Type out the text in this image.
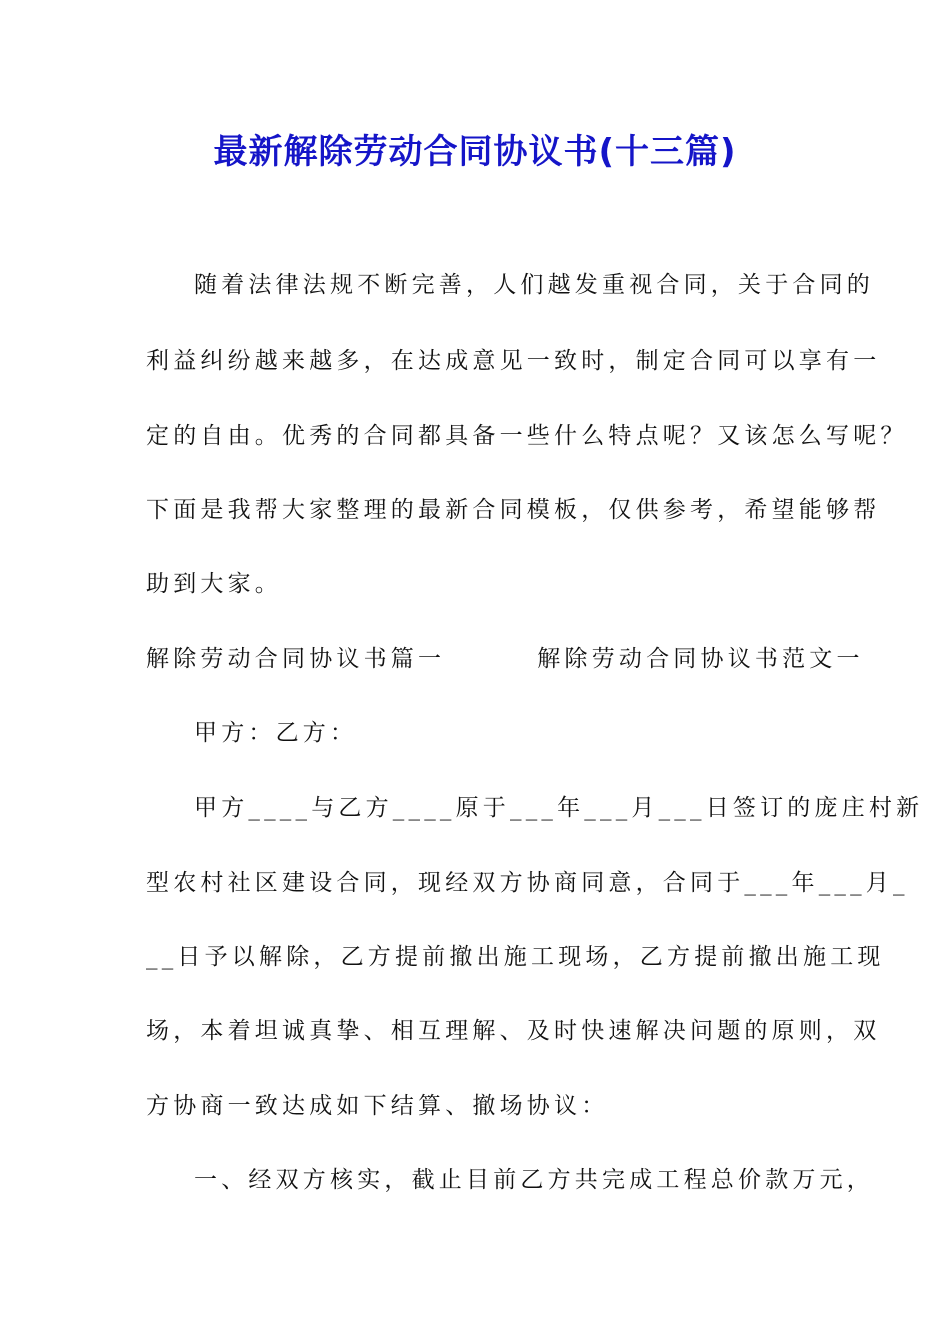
最新解除劳动合同协议书(十三篇)
随着法律法规不断完善，人们越发重视合同，关于合同的
利益纠纷越来越多，在达成意见一致时，制定合同可以享有一
定的自由。优秀的合同都具备一些什么特点呢？又该怎么写呢？
下面是我帮大家整理的最新合同模板，仅供参考，希望能够帮
助到大家。
解除劳动合同协议书篇一        解除劳动合同协议书范文一
甲方：乙方：
甲方____与乙方____原于___年___月___日签订的庞庄村新
型农村社区建设合同，现经双方协商同意，合同于___年___月_
__日予以解除，乙方提前撤出施工现场，乙方提前撤出施工现
场，本着坦诚真挚、相互理解、及时快速解决问题的原则，双
方协商一致达成如下结算、撤场协议：
一、经双方核实，截止目前乙方共完成工程总价款万元，
